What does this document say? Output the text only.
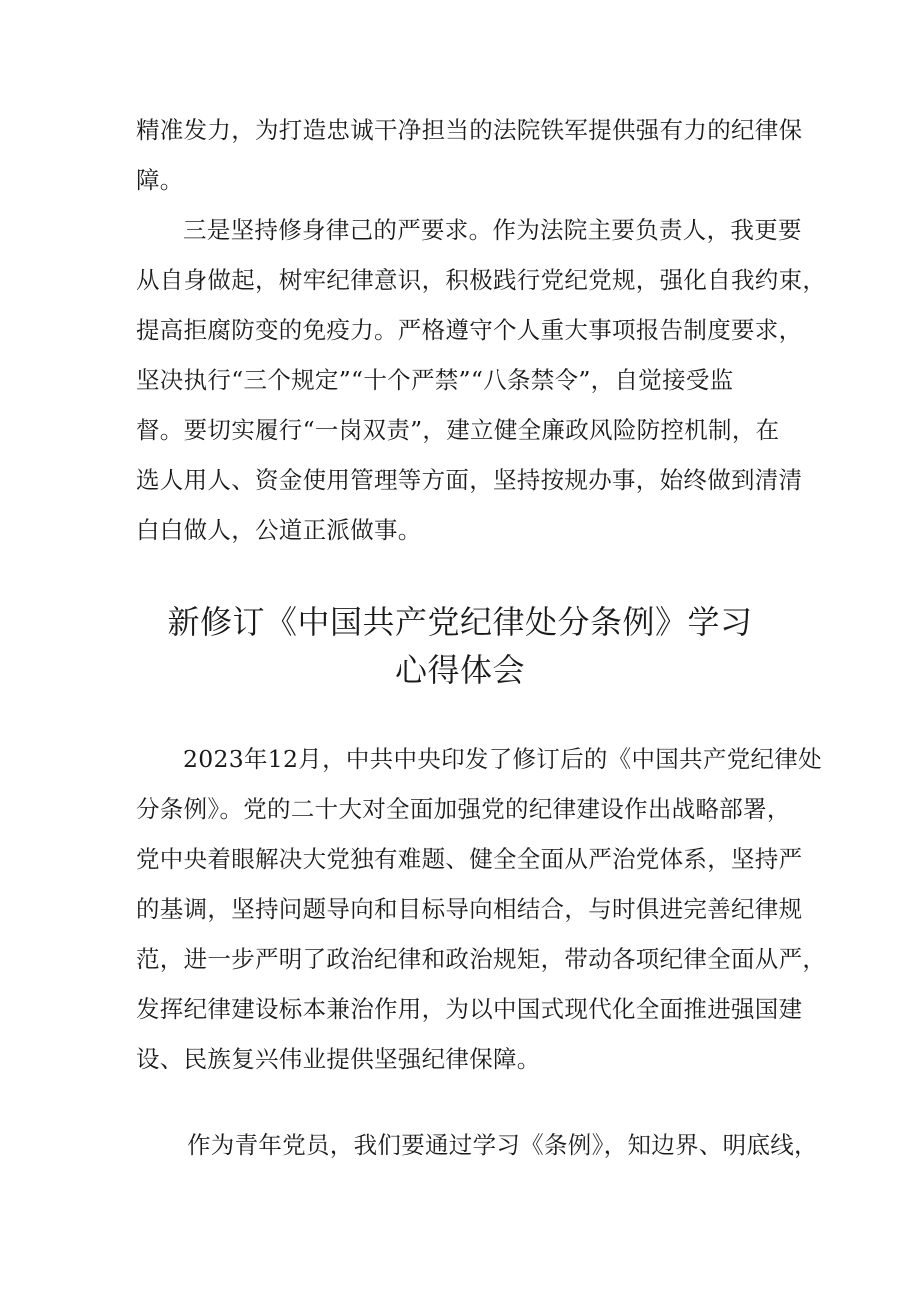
精准发力，为打造忠诚干净担当的法院铁军提供强有力的纪律保
障。
三是坚持修身律己的严要求。作为法院主要负责人，我更要
从自身做起，树牢纪律意识，积极践行党纪党规，强化自我约束，
提高拒腐防变的免疫力。严格遵守个人重大事项报告制度要求，
坚决执行“三个规定”“十个严禁”“八条禁令”，自觉接受监
督。要切实履行“一岗双责”，建立健全廉政风险防控机制，在
选人用人、资金使用管理等方面，坚持按规办事，始终做到清清
白白做人，公道正派做事。
新修订《中国共产党纪律处分条例》学习
心得体会
2023年12月，中共中央印发了修订后的《中国共产党纪律处
分条例》。党的二十大对全面加强党的纪律建设作出战略部署，
党中央着眼解决大党独有难题、健全全面从严治党体系，坚持严
的基调，坚持问题导向和目标导向相结合，与时俱进完善纪律规
范，进一步严明了政治纪律和政治规矩，带动各项纪律全面从严，
发挥纪律建设标本兼治作用，为以中国式现代化全面推进强国建
设、民族复兴伟业提供坚强纪律保障。
作为青年党员，我们要通过学习《条例》，知边界、明底线，
